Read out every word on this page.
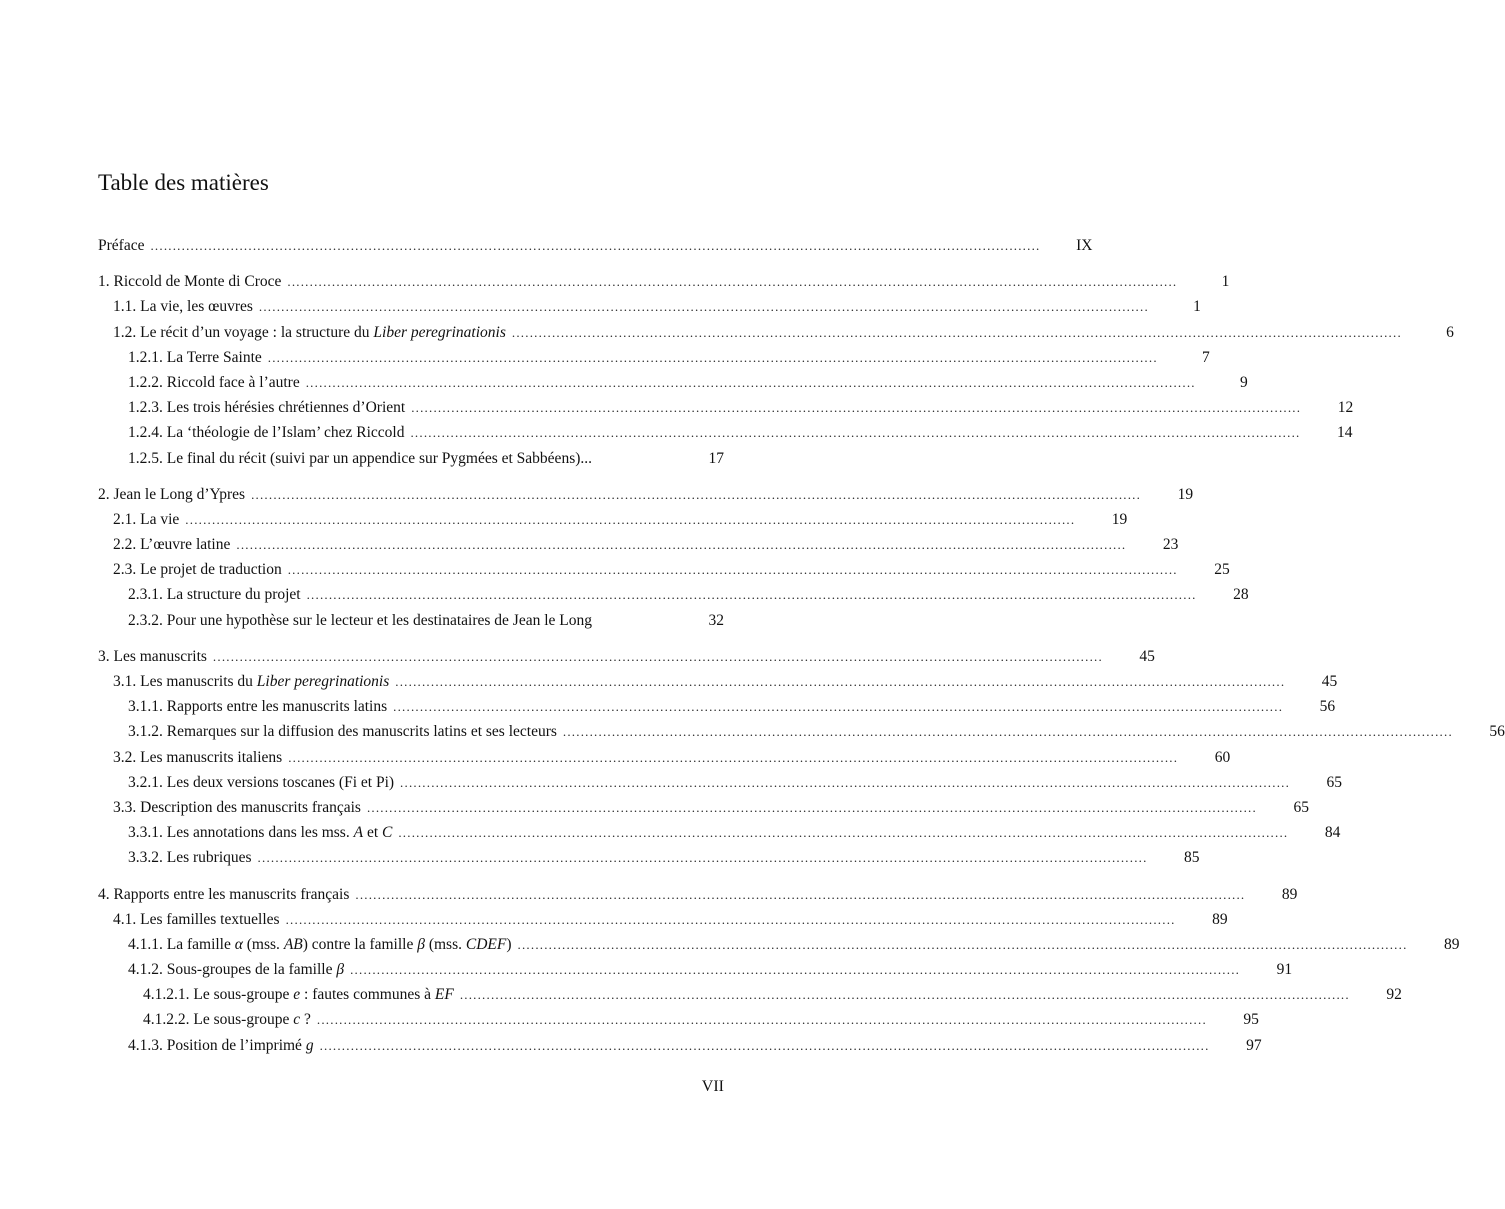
Table des matières
Préface ........................................................................................................................................................................................................	IX
1. Riccold de Monte di Croce ........................................................................................................................................................................................................	1
1.1. La vie, les œuvres ........................................................................................................................................................................................................	1
1.2. Le récit d’un voyage : la structure du Liber peregrinationis ........................................................................................................................................................................................................	6
1.2.1. La Terre Sainte ........................................................................................................................................................................................................	7
1.2.2. Riccold face à l’autre ........................................................................................................................................................................................................	9
1.2.3. Les trois hérésies chrétiennes d’Orient ........................................................................................................................................................................................................	12
1.2.4. La ‘théologie de l’Islam’ chez Riccold ........................................................................................................................................................................................................	14
1.2.5. Le final du récit (suivi par un appendice sur Pygmées et Sabbéens)...	17
2. Jean le Long d’Ypres ........................................................................................................................................................................................................	19
2.1. La vie ........................................................................................................................................................................................................	19
2.2. L’œuvre latine ........................................................................................................................................................................................................	23
2.3. Le projet de traduction ........................................................................................................................................................................................................	25
2.3.1. La structure du projet ........................................................................................................................................................................................................	28
2.3.2. Pour une hypothèse sur le lecteur et les destinataires de Jean le Long	32
3. Les manuscrits ........................................................................................................................................................................................................	45
3.1. Les manuscrits du Liber peregrinationis ........................................................................................................................................................................................................	45
3.1.1. Rapports entre les manuscrits latins ........................................................................................................................................................................................................	56
3.1.2. Remarques sur la diffusion des manuscrits latins et ses lecteurs ........................................................................................................................................................................................................	56
3.2. Les manuscrits italiens ........................................................................................................................................................................................................	60
3.2.1. Les deux versions toscanes (Fi et Pi) ........................................................................................................................................................................................................	65
3.3. Description des manuscrits français ........................................................................................................................................................................................................	65
3.3.1. Les annotations dans les mss. A et C ........................................................................................................................................................................................................	84
3.3.2. Les rubriques ........................................................................................................................................................................................................	85
4. Rapports entre les manuscrits français ........................................................................................................................................................................................................	89
4.1. Les familles textuelles ........................................................................................................................................................................................................	89
4.1.1. La famille α (mss. AB) contre la famille β (mss. CDEF) ........................................................................................................................................................................................................	89
4.1.2. Sous-groupes de la famille β ........................................................................................................................................................................................................	91
4.1.2.1. Le sous-groupe e : fautes communes à EF ........................................................................................................................................................................................................	92
4.1.2.2. Le sous-groupe c ? ........................................................................................................................................................................................................	95
4.1.3. Position de l’imprimé g ........................................................................................................................................................................................................	97
VII
